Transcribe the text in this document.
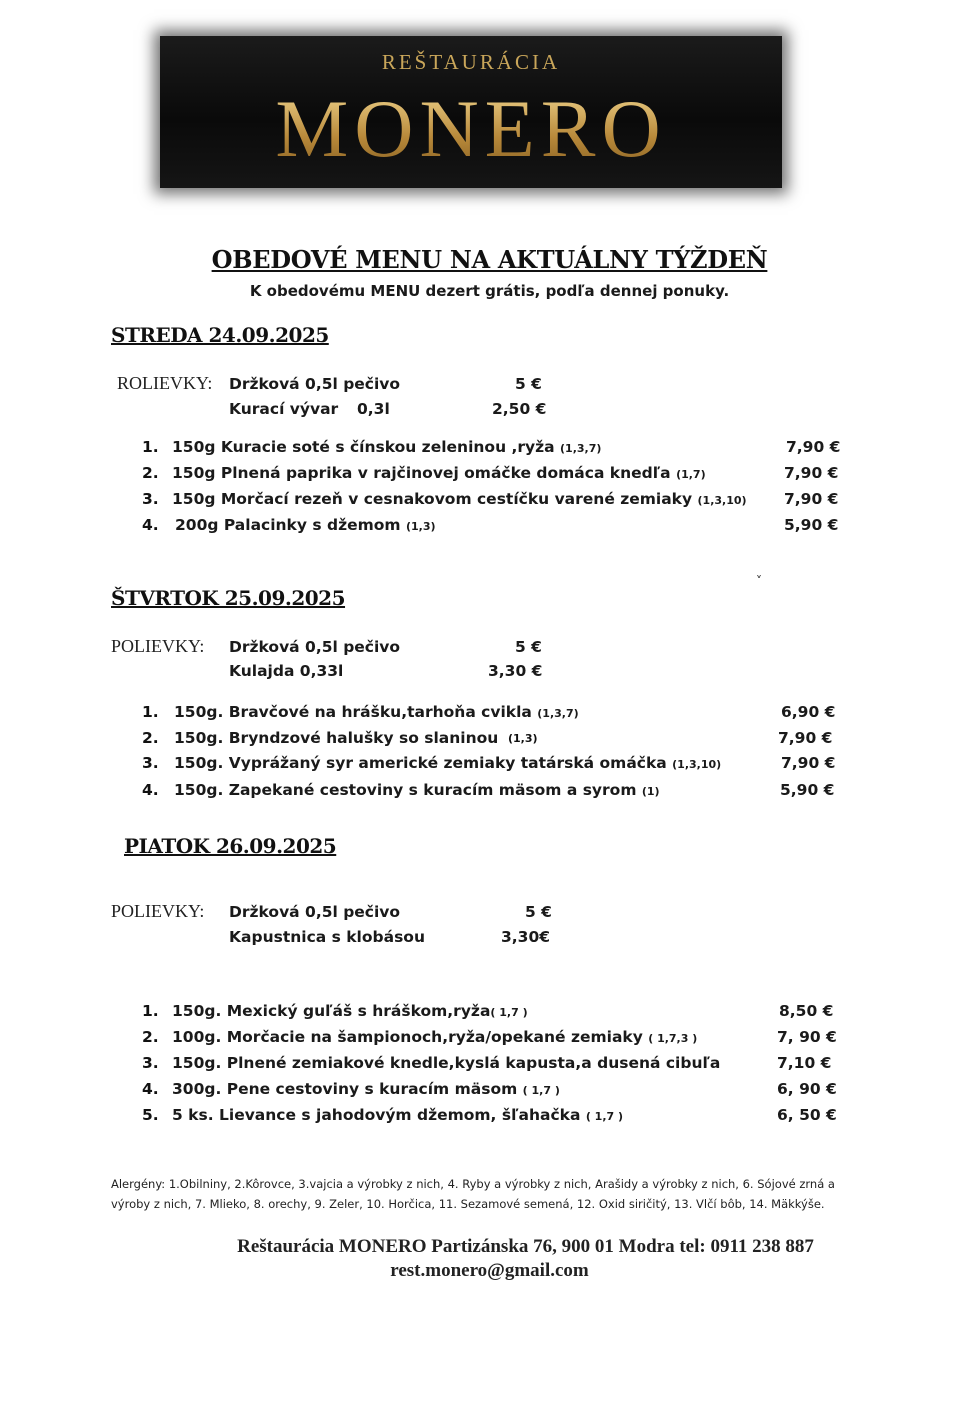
REŠTAURÁCIA
MONERO
OBEDOVÉ MENU NA AKTUÁLNY TÝŽDEŇ
K obedovému MENU dezert grátis, podľa dennej ponuky.
STREDA 24.09.2025
ROLIEVKY: Držková 0,5l pečivo	5 €
Kurací vývar 0,3l	2,50 €
1. 150g Kuracie soté s čínskou zeleninou ,ryža (1,3,7)	7,90 €
2. 150g Plnená paprika v rajčinovej omáčke domáca knedľa (1,7)	7,90 €
3. 150g Morčací rezeň v cesnakovom cestíčku varené zemiaky (1,3,10) 7,90 €
4. 200g Palacinky s džemom (1,3)	5,90 €
˅
ŠTVRTOK 25.09.2025
POLIEVKY: Držková 0,5l pečivo	5 €
Kulajda 0,33l	3,30 €
1. 150g. Bravčové na hrášku,tarhoňa cvikla (1,3,7)	6,90 €
2. 150g. Bryndzové halušky so slaninou (1,3)	7,90 €
3. 150g. Vyprážaný syr americké zemiaky tatárská omáčka (1,3,10)	7,90 €
4. 150g. Zapekané cestoviny s kuracím mäsom a syrom (1)	5,90 €
PIATOK 26.09.2025
POLIEVKY: Držková 0,5l pečivo	5 €
Kapustnica s klobásou	3,30€
1. 150g. Mexický guľáš s hráškom,ryža( 1,7 )	8,50 €
2. 100g. Morčacie na šampionoch,ryža/opekané zemiaky ( 1,7,3 )	7, 90 €
3. 150g. Plnené zemiakové knedle,kyslá kapusta,a dusená cibuľa	7,10 €
4. 300g. Pene cestoviny s kuracím mäsom ( 1,7 )	6, 90 €
5. 5 ks. Lievance s jahodovým džemom, šľahačka ( 1,7 )	6, 50 €
Alergény: 1.Obilniny, 2.Kôrovce, 3.vajcia a výrobky z nich, 4. Ryby a výrobky z nich, Arašidy a výrobky z nich, 6. Sójové zrná a výroby z nich, 7. Mlieko, 8. orechy, 9. Zeler, 10. Horčica, 11. Sezamové semená, 12. Oxid siričitý, 13. Vlčí bôb, 14. Mäkkýše.
Reštaurácia MONERO Partizánska 76, 900 01 Modra tel: 0911 238 887
rest.monero@gmail.com
